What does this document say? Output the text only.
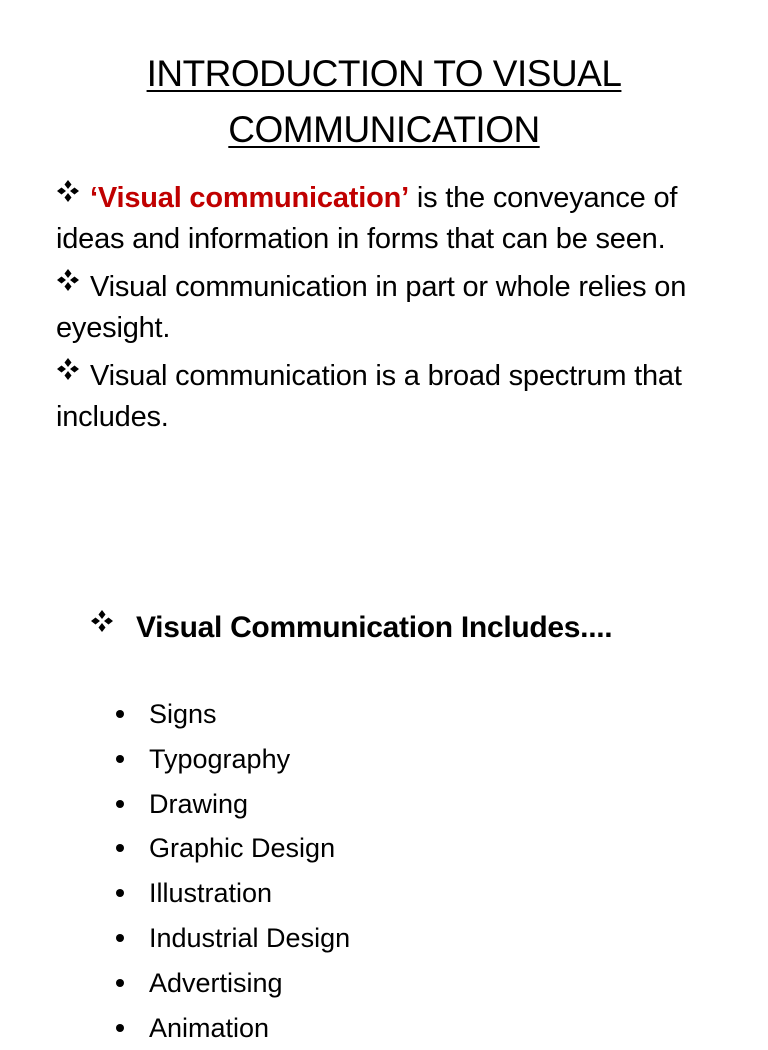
INTRODUCTION TO VISUAL
COMMUNICATION

‘Visual communication’ is the conveyance of ideas and information in forms that can be seen.

Visual communication in part or whole relies on eyesight.

Visual communication is a broad spectrum that includes.

Visual Communication Includes....
Signs
Typography
Drawing
Graphic Design
Illustration
Industrial Design
Advertising
Animation
